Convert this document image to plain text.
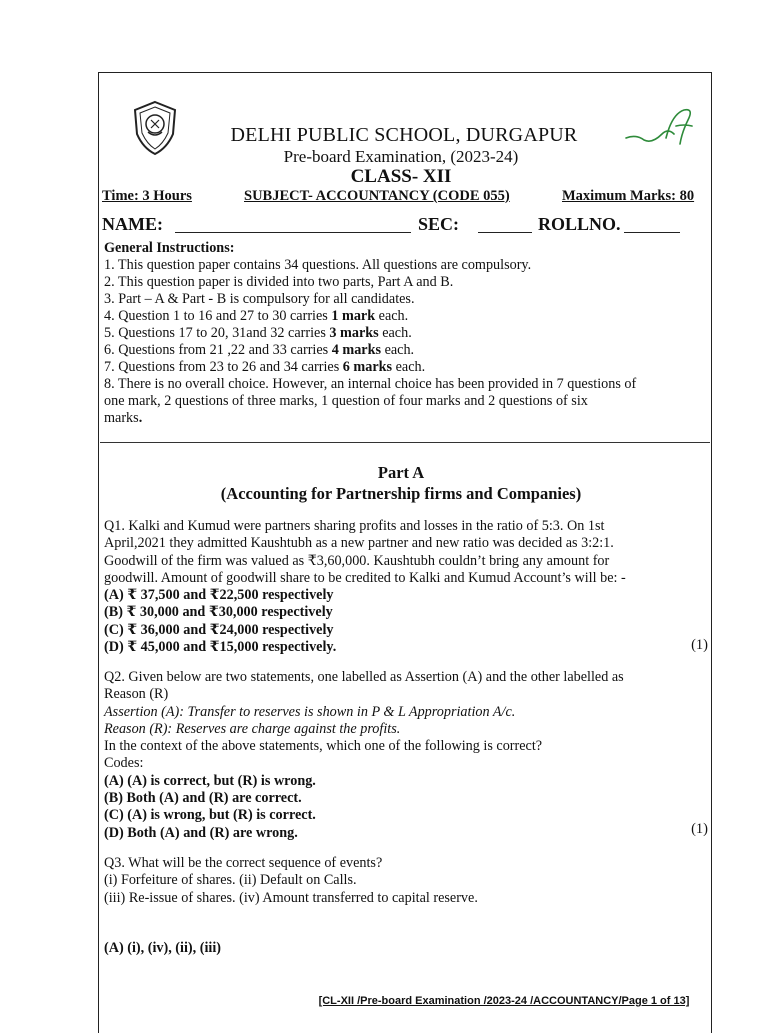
DELHI PUBLIC SCHOOL, DURGAPUR
Pre-board Examination, (2023-24)
CLASS- XII
Time: 3 Hours	SUBJECT- ACCOUNTANCY (CODE 055)	Maximum Marks: 80
NAME:	SEC:	ROLLNO.
General Instructions:
1. This question paper contains 34 questions. All questions are compulsory.
2. This question paper is divided into two parts, Part A and B.
3. Part – A & Part - B is compulsory for all candidates.
4. Question 1 to 16 and 27 to 30 carries 1 mark each.
5. Questions 17 to 20, 31and 32 carries 3 marks each.
6. Questions from 21 ,22 and 33 carries 4 marks each.
7. Questions from 23 to 26 and 34 carries 6 marks each.
8. There is no overall choice. However, an internal choice has been provided in 7 questions of
one mark, 2 questions of three marks, 1 question of four marks and 2 questions of six
marks.
Part A
(Accounting for Partnership firms and Companies)
Q1. Kalki and Kumud were partners sharing profits and losses in the ratio of 5:3. On 1st
April,2021 they admitted Kaushtubh as a new partner and new ratio was decided as 3:2:1.
Goodwill of the firm was valued as ₹3,60,000. Kaushtubh couldn’t bring any amount for
goodwill. Amount of goodwill share to be credited to Kalki and Kumud Account’s will be: -
(A) ₹ 37,500 and ₹22,500 respectively
(B) ₹ 30,000 and ₹30,000 respectively
(C) ₹ 36,000 and ₹24,000 respectively
(D) ₹ 45,000 and ₹15,000 respectively.	(1)
Q2. Given below are two statements, one labelled as Assertion (A) and the other labelled as
Reason (R)
Assertion (A): Transfer to reserves is shown in P & L Appropriation A/c.
Reason (R): Reserves are charge against the profits.
In the context of the above statements, which one of the following is correct?
Codes:
(A) (A) is correct, but (R) is wrong.
(B) Both (A) and (R) are correct.
(C) (A) is wrong, but (R) is correct.
(D) Both (A) and (R) are wrong.	(1)
Q3. What will be the correct sequence of events?
(i) Forfeiture of shares. (ii) Default on Calls.
(iii) Re-issue of shares. (iv) Amount transferred to capital reserve.
(A) (i), (iv), (ii), (iii)
[CL-XII /Pre-board Examination /2023-24 /ACCOUNTANCY/Page 1 of 13]
